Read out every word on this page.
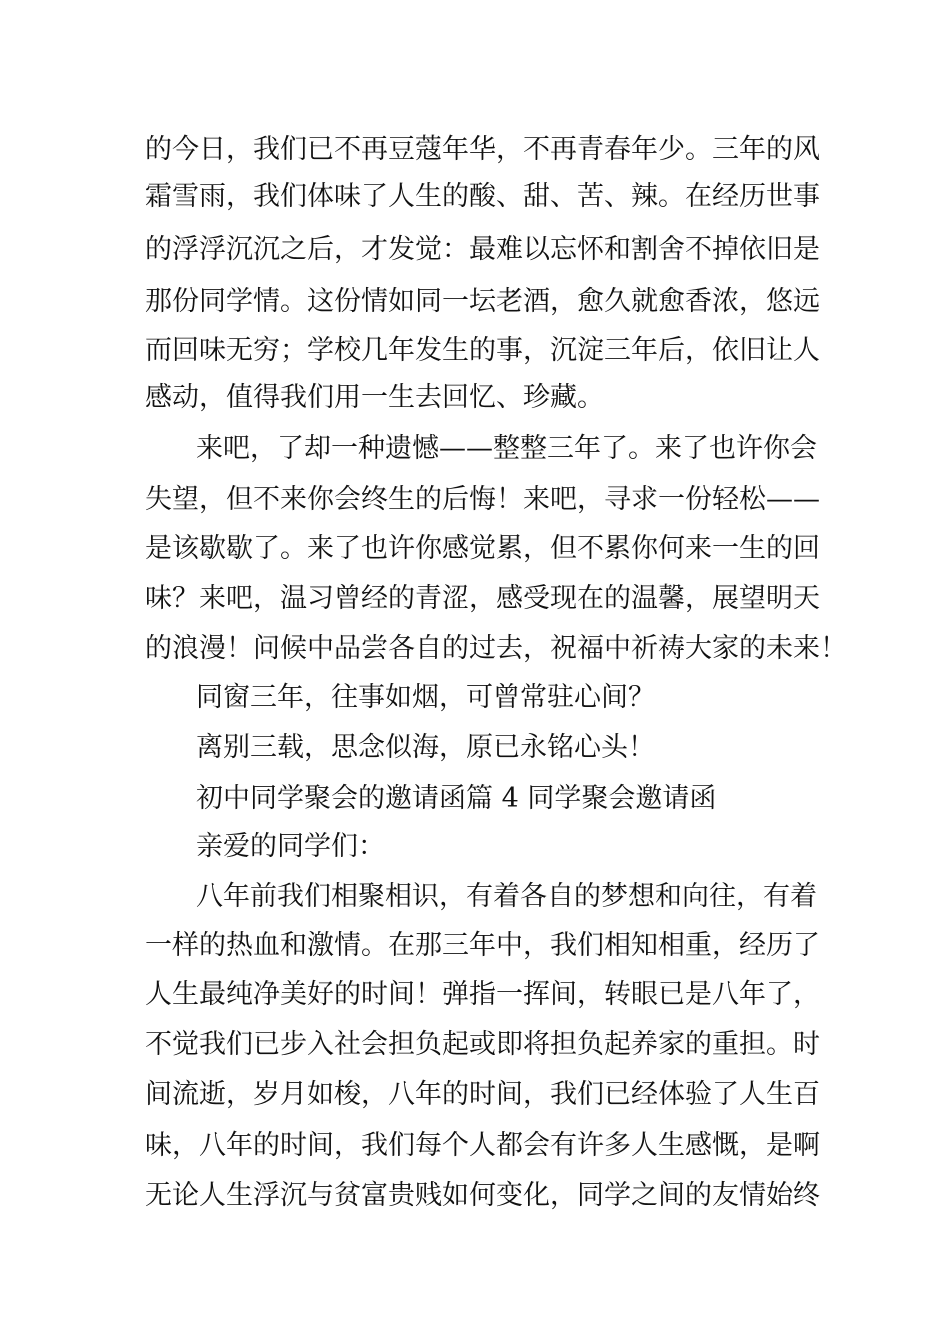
的今日，我们已不再豆蔻年华，不再青春年少。三年的风
霜雪雨，我们体味了人生的酸、甜、苦、辣。在经历世事
的浮浮沉沉之后，才发觉：最难以忘怀和割舍不掉依旧是
那份同学情。这份情如同一坛老酒，愈久就愈香浓，悠远
而回味无穷；学校几年发生的事，沉淀三年后，依旧让人
感动，值得我们用一生去回忆、珍藏。
来吧，了却一种遗憾——整整三年了。来了也许你会
失望，但不来你会终生的后悔！来吧，寻求一份轻松——
是该歇歇了。来了也许你感觉累，但不累你何来一生的回
味？来吧，温习曾经的青涩，感受现在的温馨，展望明天
的浪漫！问候中品尝各自的过去，祝福中祈祷大家的未来！
同窗三年，往事如烟，可曾常驻心间？
离别三载，思念似海，原已永铭心头！
初中同学聚会的邀请函篇 4 同学聚会邀请函
亲爱的同学们：
八年前我们相聚相识，有着各自的梦想和向往，有着
一样的热血和激情。在那三年中，我们相知相重，经历了
人生最纯净美好的时间！弹指一挥间，转眼已是八年了，
不觉我们已步入社会担负起或即将担负起养家的重担。时
间流逝，岁月如梭，八年的时间，我们已经体验了人生百
味，八年的时间，我们每个人都会有许多人生感慨，是啊
无论人生浮沉与贫富贵贱如何变化，同学之间的友情始终
